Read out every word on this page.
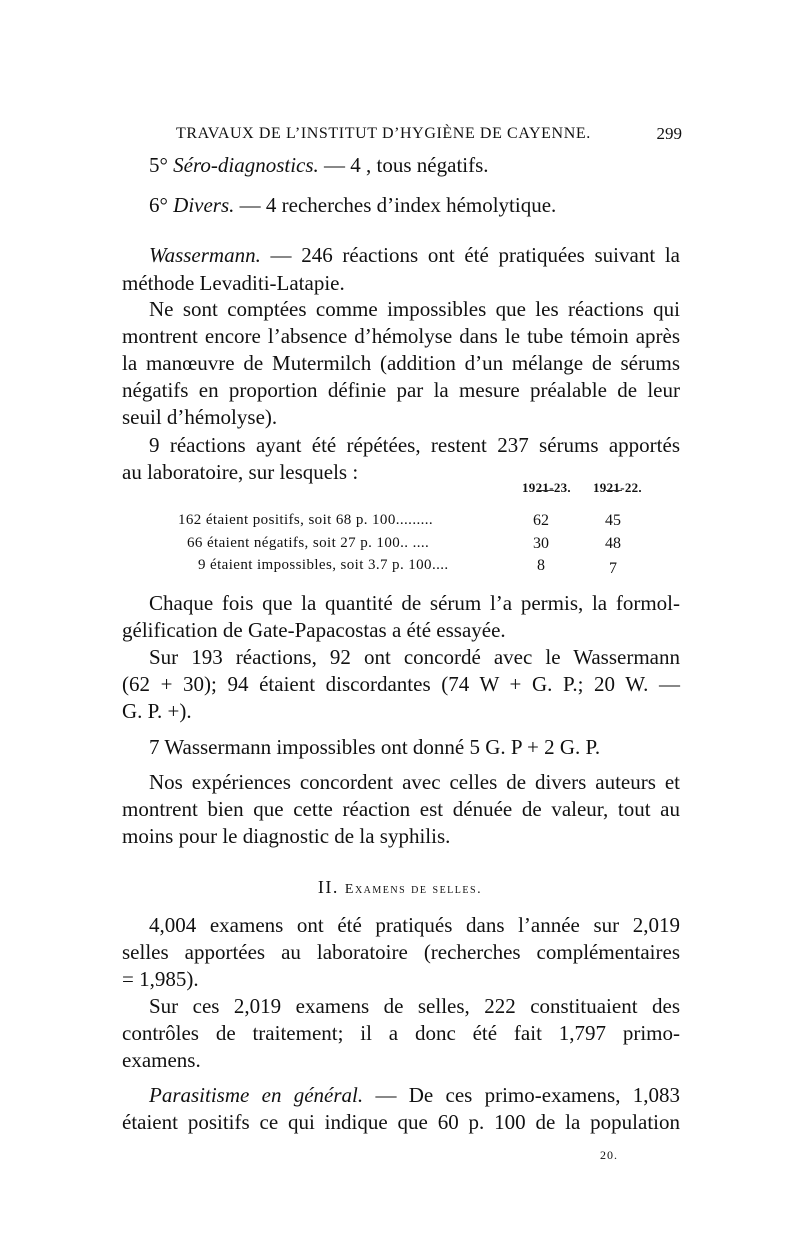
TRAVAUX DE L’INSTITUT D’HYGIÈNE DE CAYENNE.	299
5° Séro-diagnostics. — 4 , tous négatifs.
6° Divers. — 4 recherches d’index hémolytique.
Wassermann. — 246 réactions ont été pratiquées suivant la
méthode Levaditi-Latapie.
Ne sont comptées comme impossibles que les réactions qui
montrent encore l’absence d’hémolyse dans le tube témoin après
la manœuvre de Mutermilch (addition d’un mélange de sérums
négatifs en proportion définie par la mesure préalable de leur
seuil d’hémolyse).
9 réactions ayant été répétées, restent 237 sérums apportés
au laboratoire, sur lesquels :
1921-23. 1921-22.
162 étaient positifs, soit 68 p. 100.........	62	45
66 étaient négatifs, soit 27 p. 100.. ....	30	48
9 étaient impossibles, soit 3.7 p. 100....	8	7
Chaque fois que la quantité de sérum l’a permis, la formol-
gélification de Gate-Papacostas a été essayée.
Sur 193 réactions, 92 ont concordé avec le Wassermann
(62 + 30); 94 étaient discordantes (74 W + G. P.; 20 W. —
G. P. +).
7 Wassermann impossibles ont donné 5 G. P + 2 G. P.
Nos expériences concordent avec celles de divers auteurs et
montrent bien que cette réaction est dénuée de valeur, tout au
moins pour le diagnostic de la syphilis.
II. Examens de selles.
4,004 examens ont été pratiqués dans l’année sur 2,019
selles apportées au laboratoire (recherches complémentaires
= 1,985).
Sur ces 2,019 examens de selles, 222 constituaient des
contrôles de traitement; il a donc été fait 1,797 primo-
examens.
Parasitisme en général. — De ces primo-examens, 1,083
étaient positifs ce qui indique que 60 p. 100 de la population
20.
